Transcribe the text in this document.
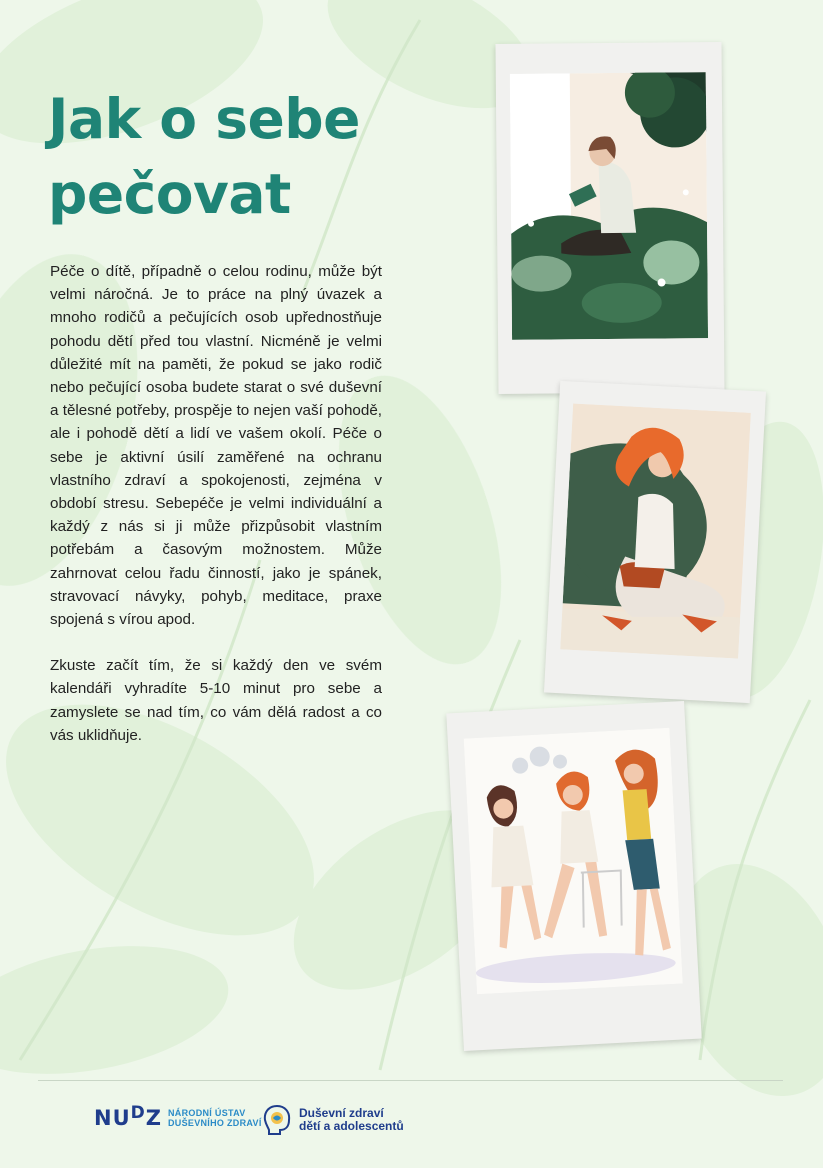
Jak o sebe
pečovat

Péče o dítě, případně o celou rodinu, může být velmi náročná. Je to práce na plný úvazek a mnoho rodičů a pečujících osob upřednostňuje pohodu dětí před tou vlastní. Nicméně je velmi důležité mít na paměti, že pokud se jako rodič nebo pečující osoba budete starat o své duševní a tělesné potřeby, prospěje to nejen vaší pohodě, ale i pohodě dětí a lidí ve vašem okolí. Péče o sebe je aktivní úsilí zaměřené na ochranu vlastního zdraví a spokojenosti, zejména v období stresu. Sebepéče je velmi individuální a každý z nás si ji může přizpůsobit vlastním potřebám a časovým možnostem. Může zahrnovat celou řadu činností, jako je spánek, stravovací návyky, pohyb, meditace, praxe spojená s vírou apod.

Zkuste začít tím, že si každý den ve svém kalendáři vyhradíte 5-10 minut pro sebe a zamyslete se nad tím, co vám dělá radost a co vás uklidňuje.

$NU^DZ$ NÁRODNÍ ÚSTAV
DUŠEVNÍHO ZDRAVÍ
Duševní zdraví
dětí a adolescentů
